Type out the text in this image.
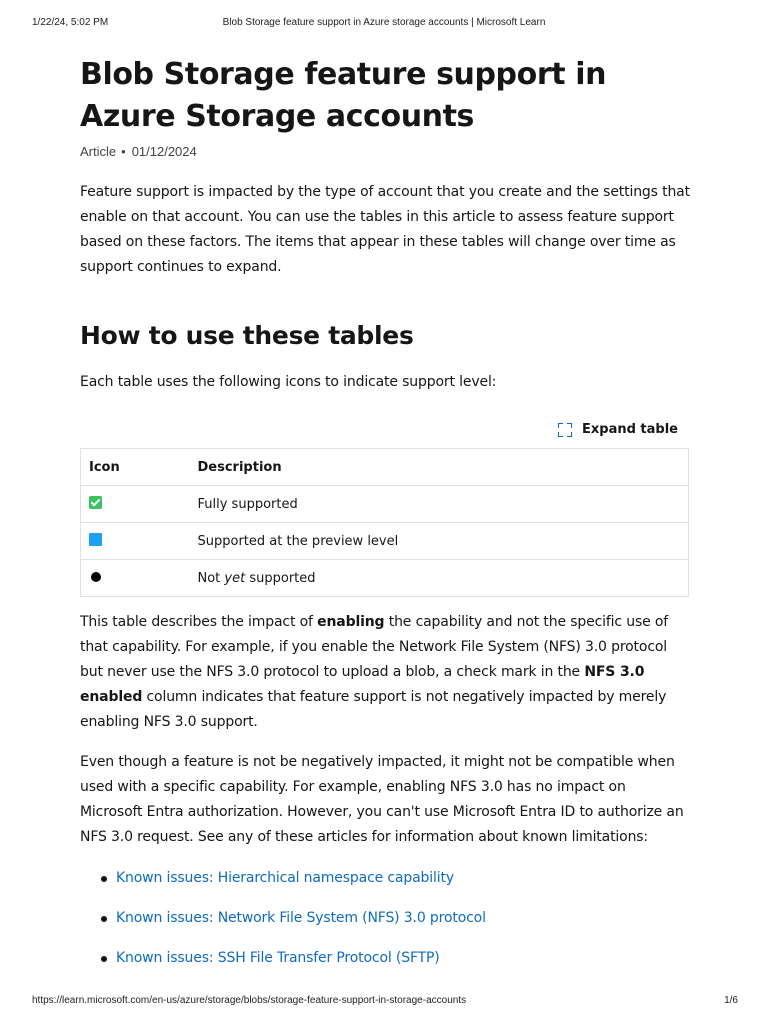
1/22/24, 5:02 PM	Blob Storage feature support in Azure storage accounts | Microsoft Learn
Blob Storage feature support in Azure Storage accounts
Article • 01/12/2024

Feature support is impacted by the type of account that you create and the settings that enable on that account. You can use the tables in this article to assess feature support based on these factors. The items that appear in these tables will change over time as support continues to expand.

How to use these tables

Each table uses the following icons to indicate support level:

Expand table
Icon	Description
	Fully supported
	Supported at the preview level
	Not yet supported

This table describes the impact of enabling the capability and not the specific use of that capability. For example, if you enable the Network File System (NFS) 3.0 protocol but never use the NFS 3.0 protocol to upload a blob, a check mark in the NFS 3.0 enabled column indicates that feature support is not negatively impacted by merely enabling NFS 3.0 support.

Even though a feature is not be negatively impacted, it might not be compatible when used with a specific capability. For example, enabling NFS 3.0 has no impact on Microsoft Entra authorization. However, you can't use Microsoft Entra ID to authorize an NFS 3.0 request. See any of these articles for information about known limitations:

Known issues: Hierarchical namespace capability
Known issues: Network File System (NFS) 3.0 protocol
Known issues: SSH File Transfer Protocol (SFTP)
https://learn.microsoft.com/en-us/azure/storage/blobs/storage-feature-support-in-storage-accounts	1/6
